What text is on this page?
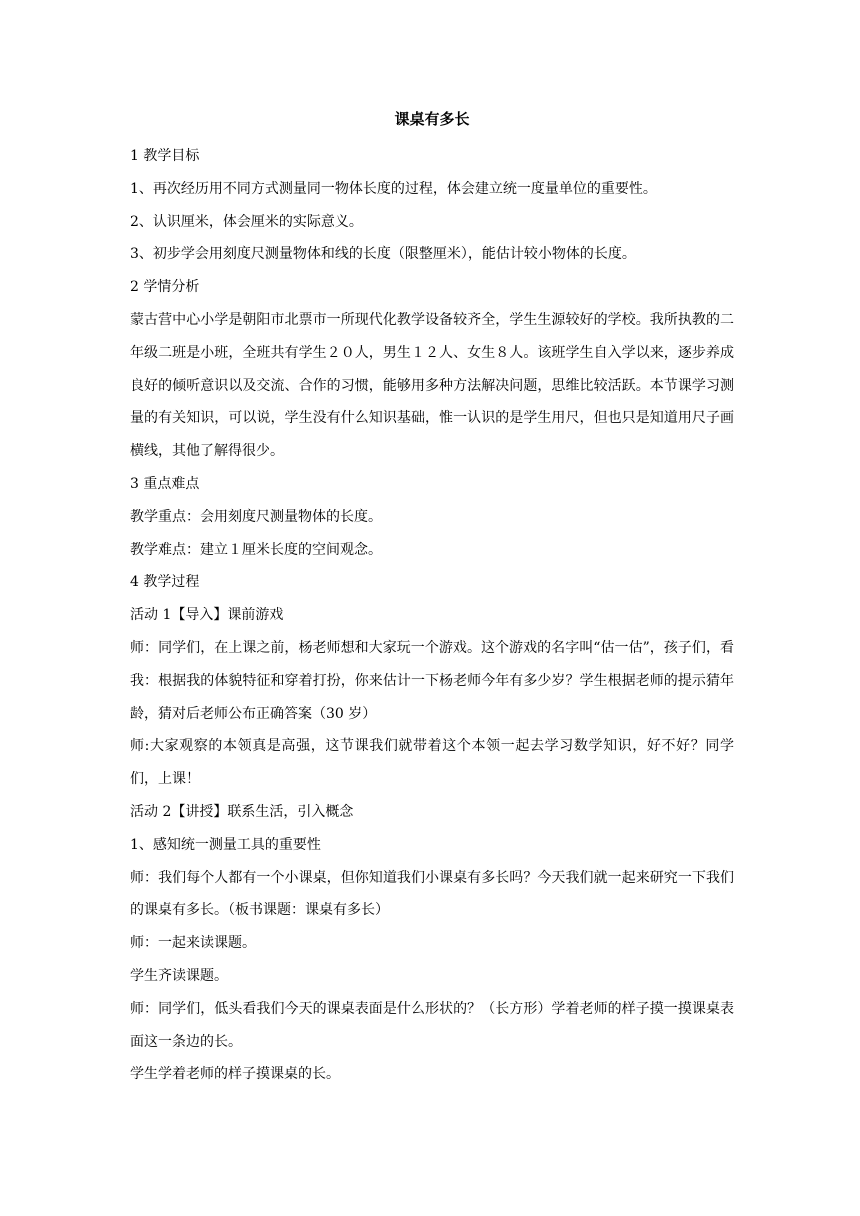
课桌有多长

1 教学目标

1、再次经历用不同方式测量同一物体长度的过程，体会建立统一度量单位的重要性。

2、认识厘米，体会厘米的实际意义。

3、初步学会用刻度尺测量物体和线的长度（限整厘米），能估计较小物体的长度。

2 学情分析

蒙古营中心小学是朝阳市北票市一所现代化教学设备较齐全，学生生源较好的学校。我所执教的二年级二班是小班，全班共有学生２０人，男生１２人、女生８人。该班学生自入学以来，逐步养成良好的倾听意识以及交流、合作的习惯，能够用多种方法解决问题，思维比较活跃。本节课学习测量的有关知识，可以说，学生没有什么知识基础，惟一认识的是学生用尺，但也只是知道用尺子画横线，其他了解得很少。

3 重点难点

教学重点：会用刻度尺测量物体的长度。

教学难点：建立１厘米长度的空间观念。

4 教学过程

活动 1【导入】课前游戏

师：同学们，在上课之前，杨老师想和大家玩一个游戏。这个游戏的名字叫“估一估”，孩子们，看我：根据我的体貌特征和穿着打扮，你来估计一下杨老师今年有多少岁？学生根据老师的提示猜年龄，猜对后老师公布正确答案（30 岁）

师:大家观察的本领真是高强，这节课我们就带着这个本领一起去学习数学知识，好不好？同学们，上课！

活动 2【讲授】联系生活，引入概念

1、感知统一测量工具的重要性

师：我们每个人都有一个小课桌，但你知道我们小课桌有多长吗？今天我们就一起来研究一下我们的课桌有多长。（板书课题：课桌有多长）

师：一起来读课题。

学生齐读课题。

师：同学们，低头看我们今天的课桌表面是什么形状的？（长方形）学着老师的样子摸一摸课桌表面这一条边的长。

学生学着老师的样子摸课桌的长。
